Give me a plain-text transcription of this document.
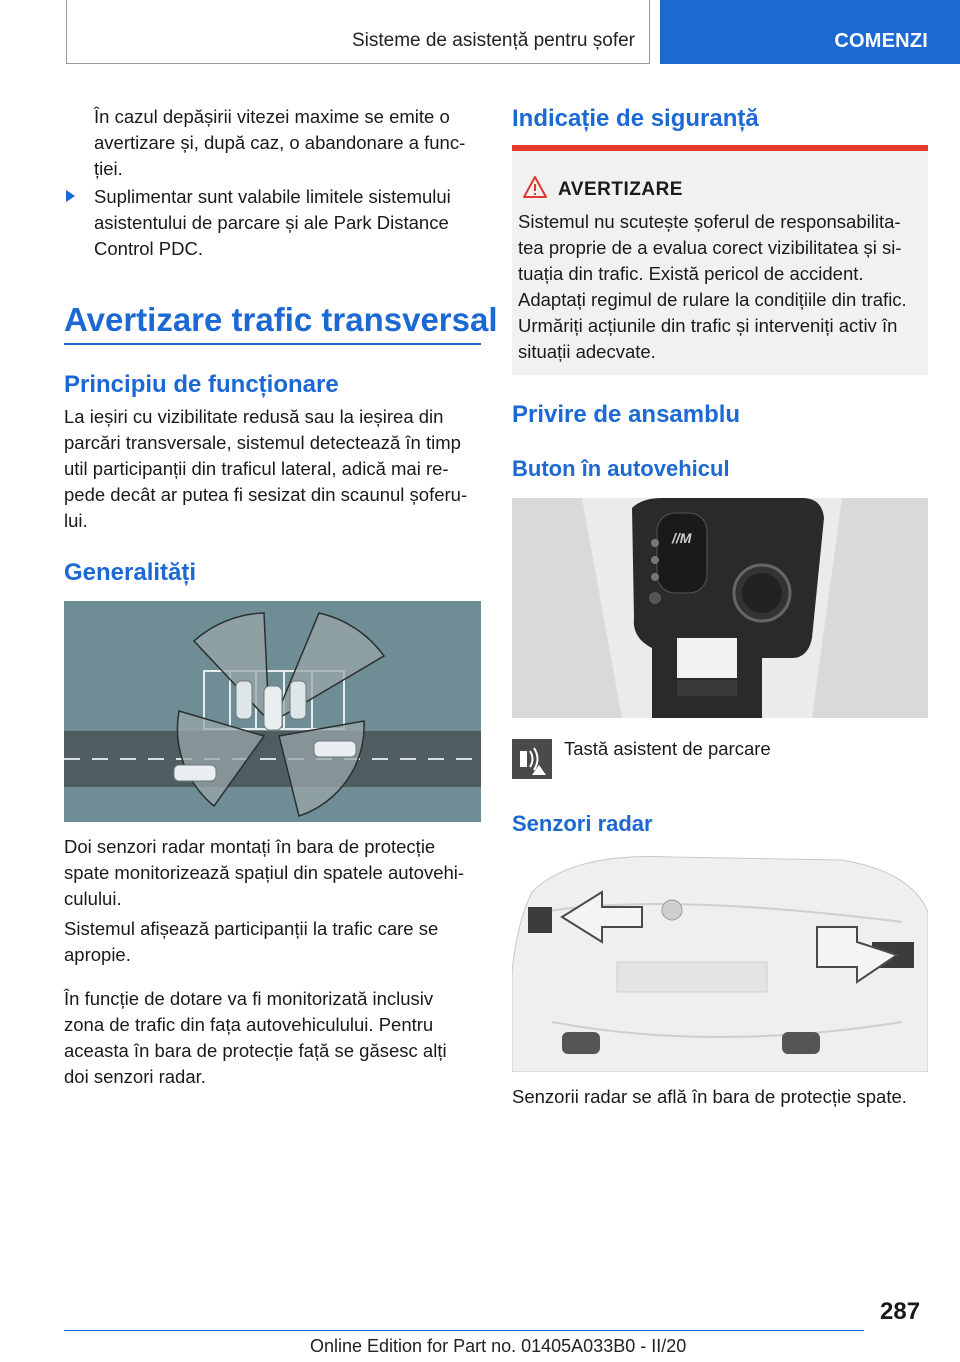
Sisteme de asistență pentru șofer	COMENZI
În cazul depășirii vitezei maxime se emite o
avertizare și, după caz, o abandonare a func-
ției.
Suplimentar sunt valabile limitele sistemului
asistentului de parcare și ale Park Distance
Control PDC.
Avertizare trafic transversal
Principiu de funcționare
La ieșiri cu vizibilitate redusă sau la ieșirea din
parcări transversale, sistemul detectează în timp
util participanții din traficul lateral, adică mai re-
pede decât ar putea fi sesizat din scaunul șoferu-
lui.
Generalități
Doi senzori radar montați în bara de protecție
spate monitorizează spațiul din spatele autovehi-
culului.
Sistemul afișează participanții la trafic care se
apropie.
În funcție de dotare va fi monitorizată inclusiv
zona de trafic din fața autovehiculului. Pentru
aceasta în bara de protecție față se găsesc alți
doi senzori radar.
Indicație de siguranță
AVERTIZARE
Sistemul nu scutește șoferul de responsabilita-
tea proprie de a evalua corect vizibilitatea și si-
tuația din trafic. Există pericol de accident.
Adaptați regimul de rulare la condițiile din trafic.
Urmăriți acțiunile din trafic și interveniți activ în
situații adecvate.
Privire de ansamblu
Buton în autovehicul
//M
Tastă asistent de parcare
Senzori radar
Senzorii radar se află în bara de protecție spate.
287
Online Edition for Part no. 01405A033B0 - II/20
